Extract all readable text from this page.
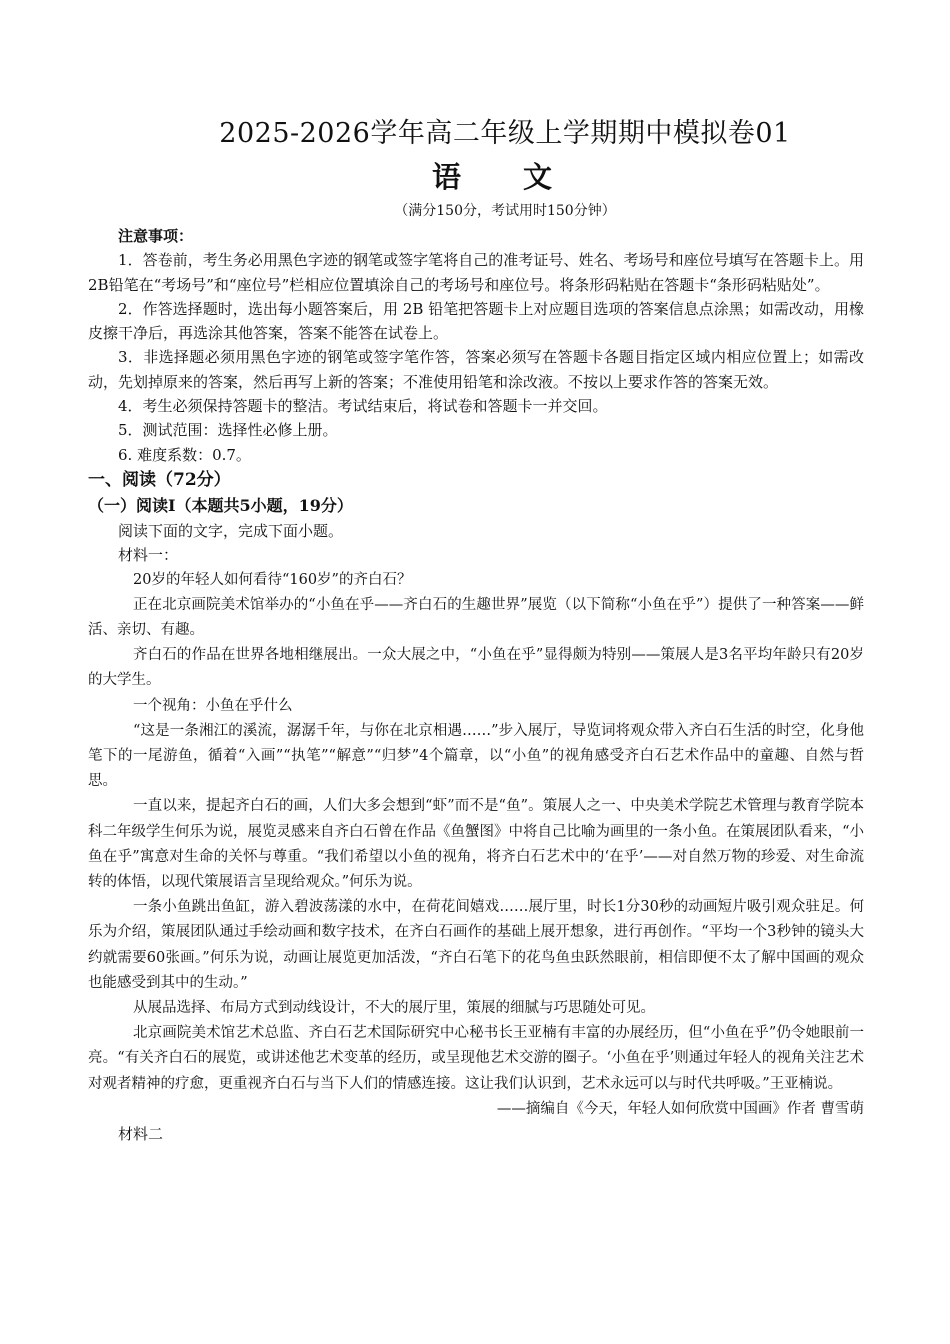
2025-2026学年高二年级上学期期中模拟卷01
语 文
（满分150分，考试用时150分钟）

注意事项：

1．答卷前，考生务必用黑色字迹的钢笔或签字笔将自己的准考证号、姓名、考场号和座位号填写在答题卡上。用2B铅笔在“考场号”和“座位号”栏相应位置填涂自己的考场号和座位号。将条形码粘贴在答题卡“条形码粘贴处”。

2．作答选择题时，选出每小题答案后，用 2B 铅笔把答题卡上对应题目选项的答案信息点涂黑；如需改动，用橡皮擦干净后，再选涂其他答案，答案不能答在试卷上。

3．非选择题必须用黑色字迹的钢笔或签字笔作答，答案必须写在答题卡各题目指定区域内相应位置上；如需改动，先划掉原来的答案，然后再写上新的答案；不准使用铅笔和涂改液。不按以上要求作答的答案无效。

4．考生必须保持答题卡的整洁。考试结束后，将试卷和答题卡一并交回。

5．测试范围：选择性必修上册。

6. 难度系数：0.7。

一、阅读（72分）

（一）阅读Ⅰ（本题共5小题，19分）

阅读下面的文字，完成下面小题。

材料一：

20岁的年轻人如何看待“160岁”的齐白石？

正在北京画院美术馆举办的“小鱼在乎——齐白石的生趣世界”展览（以下简称“小鱼在乎”）提供了一种答案——鲜活、亲切、有趣。

齐白石的作品在世界各地相继展出。一众大展之中，“小鱼在乎”显得颇为特别——策展人是3名平均年龄只有20岁的大学生。

一个视角：小鱼在乎什么

“这是一条湘江的溪流，潺潺千年，与你在北京相遇……”步入展厅，导览词将观众带入齐白石生活的时空，化身他笔下的一尾游鱼，循着“入画”“执笔”“解意”“归梦”4个篇章，以“小鱼”的视角感受齐白石艺术作品中的童趣、自然与哲思。

一直以来，提起齐白石的画，人们大多会想到“虾”而不是“鱼”。策展人之一、中央美术学院艺术管理与教育学院本科二年级学生何乐为说，展览灵感来自齐白石曾在作品《鱼蟹图》中将自己比喻为画里的一条小鱼。在策展团队看来，“小鱼在乎”寓意对生命的关怀与尊重。“我们希望以小鱼的视角，将齐白石艺术中的‘在乎’——对自然万物的珍爱、对生命流转的体悟，以现代策展语言呈现给观众。”何乐为说。

一条小鱼跳出鱼缸，游入碧波荡漾的水中，在荷花间嬉戏……展厅里，时长1分30秒的动画短片吸引观众驻足。何乐为介绍，策展团队通过手绘动画和数字技术，在齐白石画作的基础上展开想象，进行再创作。“平均一个3秒钟的镜头大约就需要60张画。”何乐为说，动画让展览更加活泼，“齐白石笔下的花鸟鱼虫跃然眼前，相信即便不太了解中国画的观众也能感受到其中的生动。”

从展品选择、布局方式到动线设计，不大的展厅里，策展的细腻与巧思随处可见。

北京画院美术馆艺术总监、齐白石艺术国际研究中心秘书长王亚楠有丰富的办展经历，但“小鱼在乎”仍令她眼前一亮。“有关齐白石的展览，或讲述他艺术变革的经历，或呈现他艺术交游的圈子。‘小鱼在乎’则通过年轻人的视角关注艺术对观者精神的疗愈，更重视齐白石与当下人们的情感连接。这让我们认识到，艺术永远可以与时代共呼吸。”王亚楠说。

——摘编自《今天，年轻人如何欣赏中国画》作者 曹雪萌

材料二
